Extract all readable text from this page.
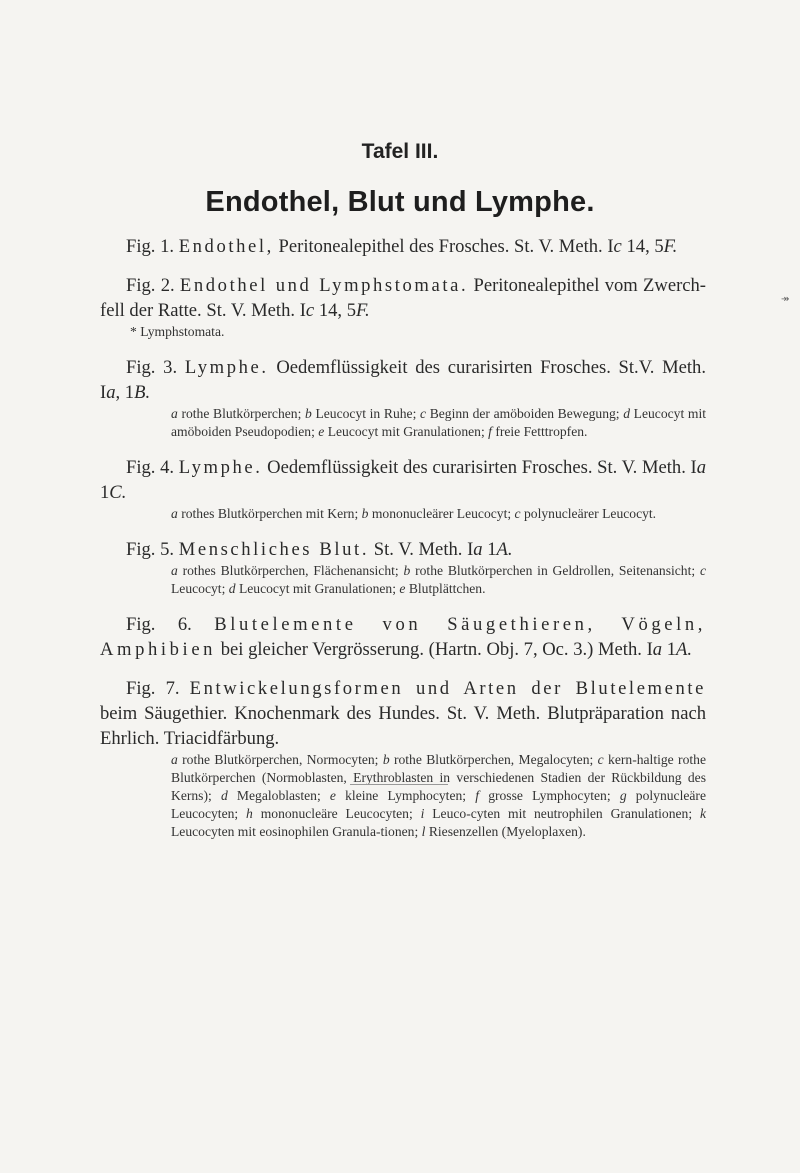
Tafel III.
Endothel, Blut und Lymphe.
↠

Fig. 1. Endothel, Peritonealepithel des Frosches. St. V. Meth. Ic 14, 5F.

Fig. 2. Endothel und Lymphstomata. Peritonealepithel vom Zwerch-fell der Ratte. St. V. Meth. Ic 14, 5F.

* Lymphstomata.

Fig. 3. Lymphe. Oedemflüssigkeit des curarisirten Frosches. St.V. Meth. Ia, 1B.

a rothe Blutkörperchen; b Leucocyt in Ruhe; c Beginn der amöboiden Bewegung; d Leucocyt mit amöboiden Pseudopodien; e Leucocyt mit Granulationen; f freie Fetttropfen.

Fig. 4. Lymphe. Oedemflüssigkeit des curarisirten Frosches. St. V. Meth. Ia 1C.

a rothes Blutkörperchen mit Kern; b mononucleärer Leucocyt; c polynucleärer Leucocyt.

Fig. 5. Menschliches Blut. St. V. Meth. Ia 1A.

a rothes Blutkörperchen, Flächenansicht; b rothe Blutkörperchen in Geldrollen, Seitenansicht; c Leucocyt; d Leucocyt mit Granulationen; e Blutplättchen.

Fig. 6. Blutelemente von Säugethieren, Vögeln, Amphibien bei gleicher Vergrösserung. (Hartn. Obj. 7, Oc. 3.) Meth. Ia 1A.

Fig. 7. Entwickelungsformen und Arten der Blutelemente beim Säugethier. Knochenmark des Hundes. St. V. Meth. Blutpräparation nach Ehrlich. Triacidfärbung.

a rothe Blutkörperchen, Normocyten; b rothe Blutkörperchen, Megalocyten; c kern-haltige rothe Blutkörperchen (Normoblasten, Erythroblasten in verschiedenen Stadien der Rückbildung des Kerns); d Megaloblasten; e kleine Lymphocyten; f grosse Lymphocyten; g polynucleäre Leucocyten; h mononucleäre Leucocyten; i Leuco-cyten mit neutrophilen Granulationen; k Leucocyten mit eosinophilen Granula-tionen; l Riesenzellen (Myeloplaxen).
